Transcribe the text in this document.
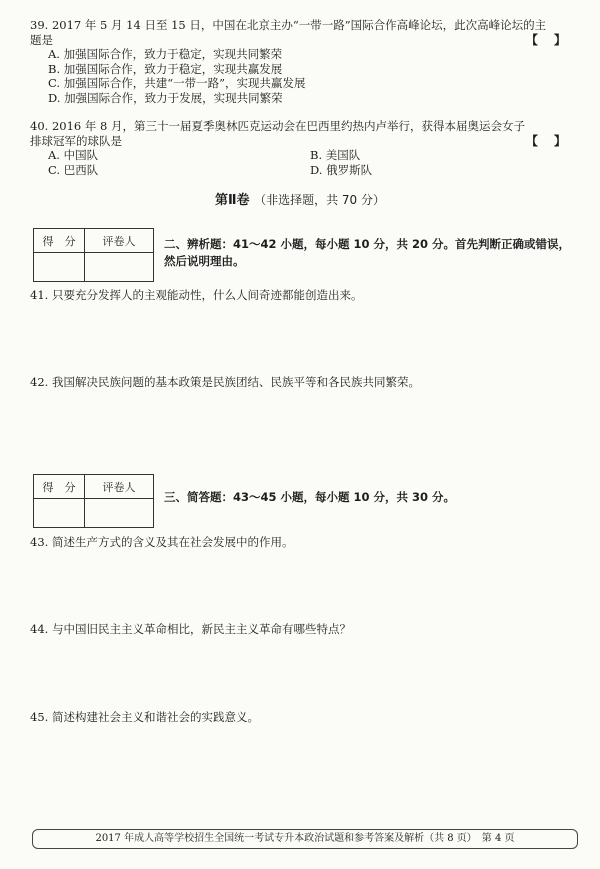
39. 2017 年 5 月 14 日至 15 日，中国在北京主办“一带一路”国际合作高峰论坛，此次高峰论坛的主
题是	【 】
A. 加强国际合作，致力于稳定，实现共同繁荣
B. 加强国际合作，致力于稳定，实现共赢发展
C. 加强国际合作，共建“一带一路”，实现共赢发展
D. 加强国际合作，致力于发展，实现共同繁荣
40. 2016 年 8 月，第三十一届夏季奥林匹克运动会在巴西里约热内卢举行，获得本届奥运会女子
排球冠军的球队是	【 】
A. 中国队	B. 美国队
C. 巴西队	D. 俄罗斯队
第Ⅱ卷 （非选择题，共 70 分）
得　分	评卷人
	二、辨析题：41～42 小题，每小题 10 分，共 20 分。首先判断正确或错误，然后说明理由。
41. 只要充分发挥人的主观能动性，什么人间奇迹都能创造出来。
42. 我国解决民族问题的基本政策是民族团结、民族平等和各民族共同繁荣。
得　分	评卷人

三、简答题：43～45 小题，每小题 10 分，共 30 分。
43. 简述生产方式的含义及其在社会发展中的作用。
44. 与中国旧民主主义革命相比，新民主主义革命有哪些特点？
45. 简述构建社会主义和谐社会的实践意义。
2017 年成人高等学校招生全国统一考试专升本政治试题和参考答案及解析（共 8 页）　第 4 页
